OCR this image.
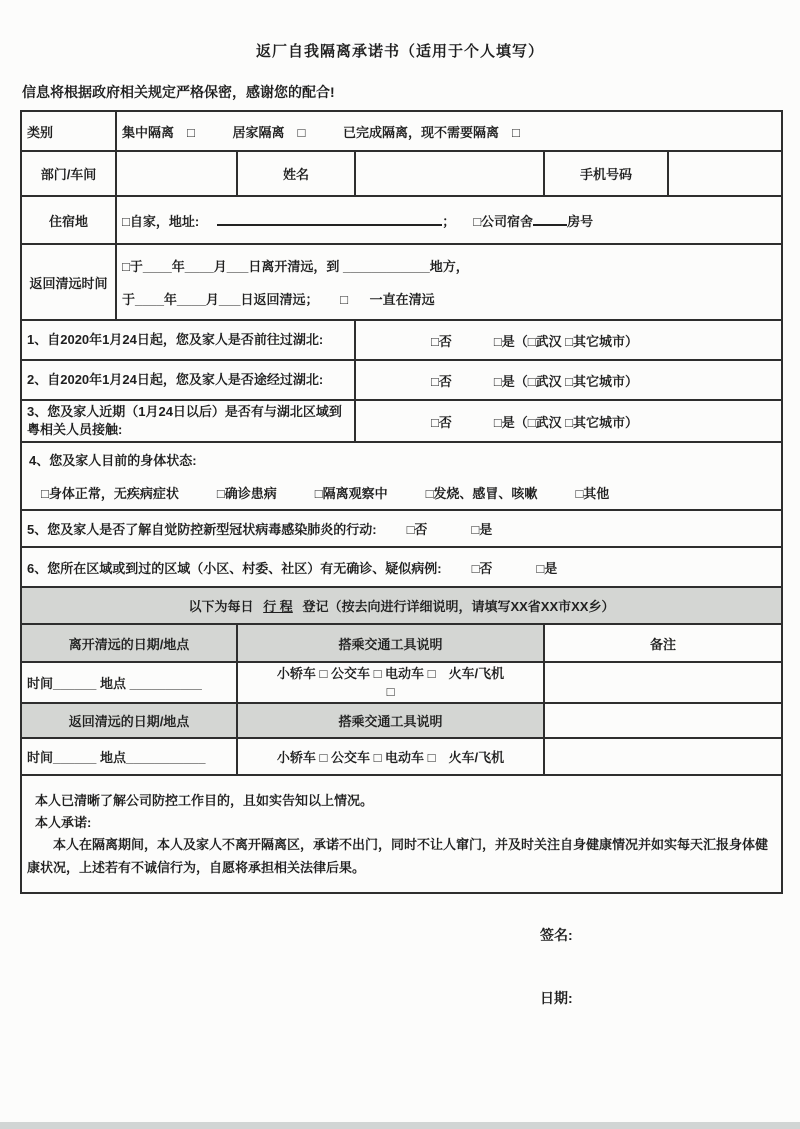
返厂自我隔离承诺书（适用于个人填写）
信息将根据政府相关规定严格保密，感谢您的配合!
类别	集中隔离　□ 居家隔离　□ 已完成隔离，现不需要隔离　□				
部门/车间		姓名		手机号码	
住宿地	□自家，地址: ； □公司宿舍 房号				

返回清远时间	□于____年____月___日离开清远，到 ____________地方，
于____年____月___日返回清远； □ 一直在清远				

1、自2020年1月24日起，您及家人是否前往过湖北:			□否 □是（□武汉 □其它城市）		

2、自2020年1月24日起，您及家人是否途经过湖北:			□否 □是（□武汉 □其它城市）		

3、您及家人近期（1月24日以后）是否有与湖北区域到粤相关人员接触:			□否 □是（□武汉 □其它城市）		

4、您及家人目前的身体状态:
□身体正常，无疾病症状	□确诊患病	□隔离观察中	□发烧、感冒、咳嗽	□其他

5、您及家人是否了解自觉防控新型冠状病毒感染肺炎的行动: □否 □是					

6、您所在区域或到过的区域（小区、村委、社区）有无确诊、疑似病例: □否 □是					

以下为每日 行 程 登记（按去向进行详细说明，请填写XX省XX市XX乡）					
离开清远的日期/地点		搭乘交通工具说明		备注	
时间______ 地点 __________		小轿车 □ 公交车 □ 电动车 □　火车/飞机
□			

返回清远的日期/地点		搭乘交通工具说明			
时间______ 地点___________		小轿车 □ 公交车 □ 电动车 □　火车/飞机			

本人已清晰了解公司防控工作目的，且如实告知以上情况。
本人承诺:
本人在隔离期间，本人及家人不离开隔离区，承诺不出门，同时不让人窜门，并及时关注自身健康情况并如实每天汇报身体健康状况，上述若有不诚信行为，自愿将承担相关法律后果。					
签名:
日期:
